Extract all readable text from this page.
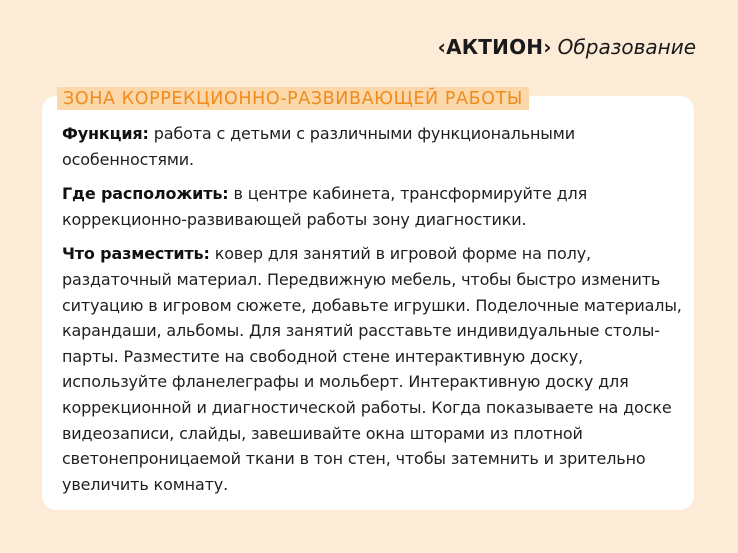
‹АКТИОН› Образование
ЗОНА КОРРЕКЦИОННО-РАЗВИВАЮЩЕЙ РАБОТЫ

Функция: работа с детьми с различными функциональными особенностями.

Где расположить: в центре кабинета, трансформируйте для коррекционно-развивающей работы зону диагностики.

Что разместить: ковер для занятий в игровой форме на полу, раздаточный материал. Передвижную мебель, чтобы быстро изменить ситуацию в игровом сюжете, добавьте игрушки. Поделочные материалы, карандаши, альбомы. Для занятий расставьте индивидуальные столы-парты. Разместите на свободной стене интерактивную доску, используйте фланелеграфы и мольберт. Интерактивную доску для коррекционной и диагностической работы. Когда показываете на доске видеозаписи, слайды, завешивайте окна шторами из плотной светонепроницаемой ткани в тон стен, чтобы затемнить и зрительно увеличить комнату.
